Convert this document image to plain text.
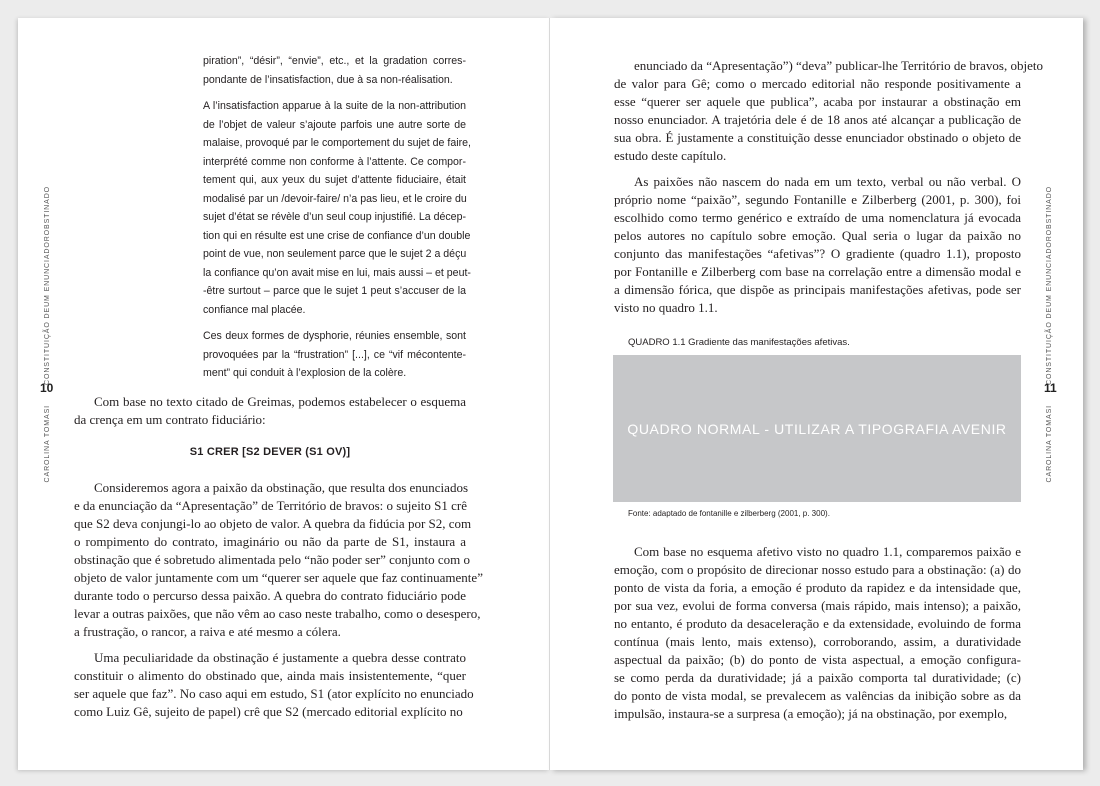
CONSTITUIÇÃO DEUM ENUNCIADOROBSTINADO
10
CAROLINA TOMASI
CONSTITUIÇÃO DEUM ENUNCIADOROBSTINADO
11
CAROLINA TOMASI
piration”, “désir”, “envie”, etc., et la gradation corres-
pondante de l’insatisfaction, due à sa non-réalisation.
A l’insatisfaction apparue à la suite de la non-attribution
de l’objet de valeur s’ajoute parfois une autre sorte de
malaise, provoqué par le comportement du sujet de faire,
interprété comme non conforme à l’attente. Ce compor-
tement qui, aux yeux du sujet d’attente fiduciaire, était
modalisé par un /devoir-faire/ n’a pas lieu, et le croire du
sujet d’état se révèle d’un seul coup injustifié. La décep-
tion qui en résulte est une crise de confiance d’un double
point de vue, non seulement parce que le sujet 2 a déçu
la confiance qu’on avait mise en lui, mais aussi – et peut-
-être surtout – parce que le sujet 1 peut s’accuser de la
confiance mal placée.
Ces deux formes de dysphorie, réunies ensemble, sont
provoquées par la “frustration” [...], ce “vif mécontente-
ment” qui conduit à l’explosion de la colère.
Com base no texto citado de Greimas, podemos estabelecer o esquema
da crença em um contrato fiduciário:
S1 CRER [S2 DEVER (S1 OV)]
Consideremos agora a paixão da obstinação, que resulta dos enunciados
e da enunciação da “Apresentação” de Território de bravos: o sujeito S1 crê
que S2 deva conjungi-lo ao objeto de valor. A quebra da fidúcia por S2, com
o rompimento do contrato, imaginário ou não da parte de S1, instaura a
obstinação que é sobretudo alimentada pelo “não poder ser” conjunto com o
objeto de valor juntamente com um “querer ser aquele que faz continuamente”
durante todo o percurso dessa paixão. A quebra do contrato fiduciário pode
levar a outras paixões, que não vêm ao caso neste trabalho, como o desespero,
a frustração, o rancor, a raiva e até mesmo a cólera.
Uma peculiaridade da obstinação é justamente a quebra desse contrato
constituir o alimento do obstinado que, ainda mais insistentemente, “quer
ser aquele que faz”. No caso aqui em estudo, S1 (ator explícito no enunciado
como Luiz Gê, sujeito de papel) crê que S2 (mercado editorial explícito no
enunciado da “Apresentação”) “deva” publicar-lhe Território de bravos, objeto
de valor para Gê; como o mercado editorial não responde positivamente a
esse “querer ser aquele que publica”, acaba por instaurar a obstinação em
nosso enunciador. A trajetória dele é de 18 anos até alcançar a publicação de
sua obra. É justamente a constituição desse enunciador obstinado o objeto de
estudo deste capítulo.
As paixões não nascem do nada em um texto, verbal ou não verbal. O
próprio nome “paixão”, segundo Fontanille e Zilberberg (2001, p. 300), foi
escolhido como termo genérico e extraído de uma nomenclatura já evocada
pelos autores no capítulo sobre emoção. Qual seria o lugar da paixão no
conjunto das manifestações “afetivas”? O gradiente (quadro 1.1), proposto
por Fontanille e Zilberberg com base na correlação entre a dimensão modal e
a dimensão fórica, que dispõe as principais manifestações afetivas, pode ser
visto no quadro 1.1.
QUADRO 1.1 Gradiente das manifestações afetivas.
QUADRO NORMAL - UTILIZAR A TIPOGRAFIA AVENIR
Fonte: adaptado de fontanille e zilberberg (2001, p. 300).
Com base no esquema afetivo visto no quadro 1.1, comparemos paixão e
emoção, com o propósito de direcionar nosso estudo para a obstinação: (a) do
ponto de vista da foria, a emoção é produto da rapidez e da intensidade que,
por sua vez, evolui de forma conversa (mais rápido, mais intenso); a paixão,
no entanto, é produto da desaceleração e da extensidade, evoluindo de forma
contínua (mais lento, mais extenso), corroborando, assim, a duratividade
aspectual da paixão; (b) do ponto de vista aspectual, a emoção configura-
se como perda da duratividade; já a paixão comporta tal duratividade; (c)
do ponto de vista modal, se prevalecem as valências da inibição sobre as da
impulsão, instaura-se a surpresa (a emoção); já na obstinação, por exemplo,
